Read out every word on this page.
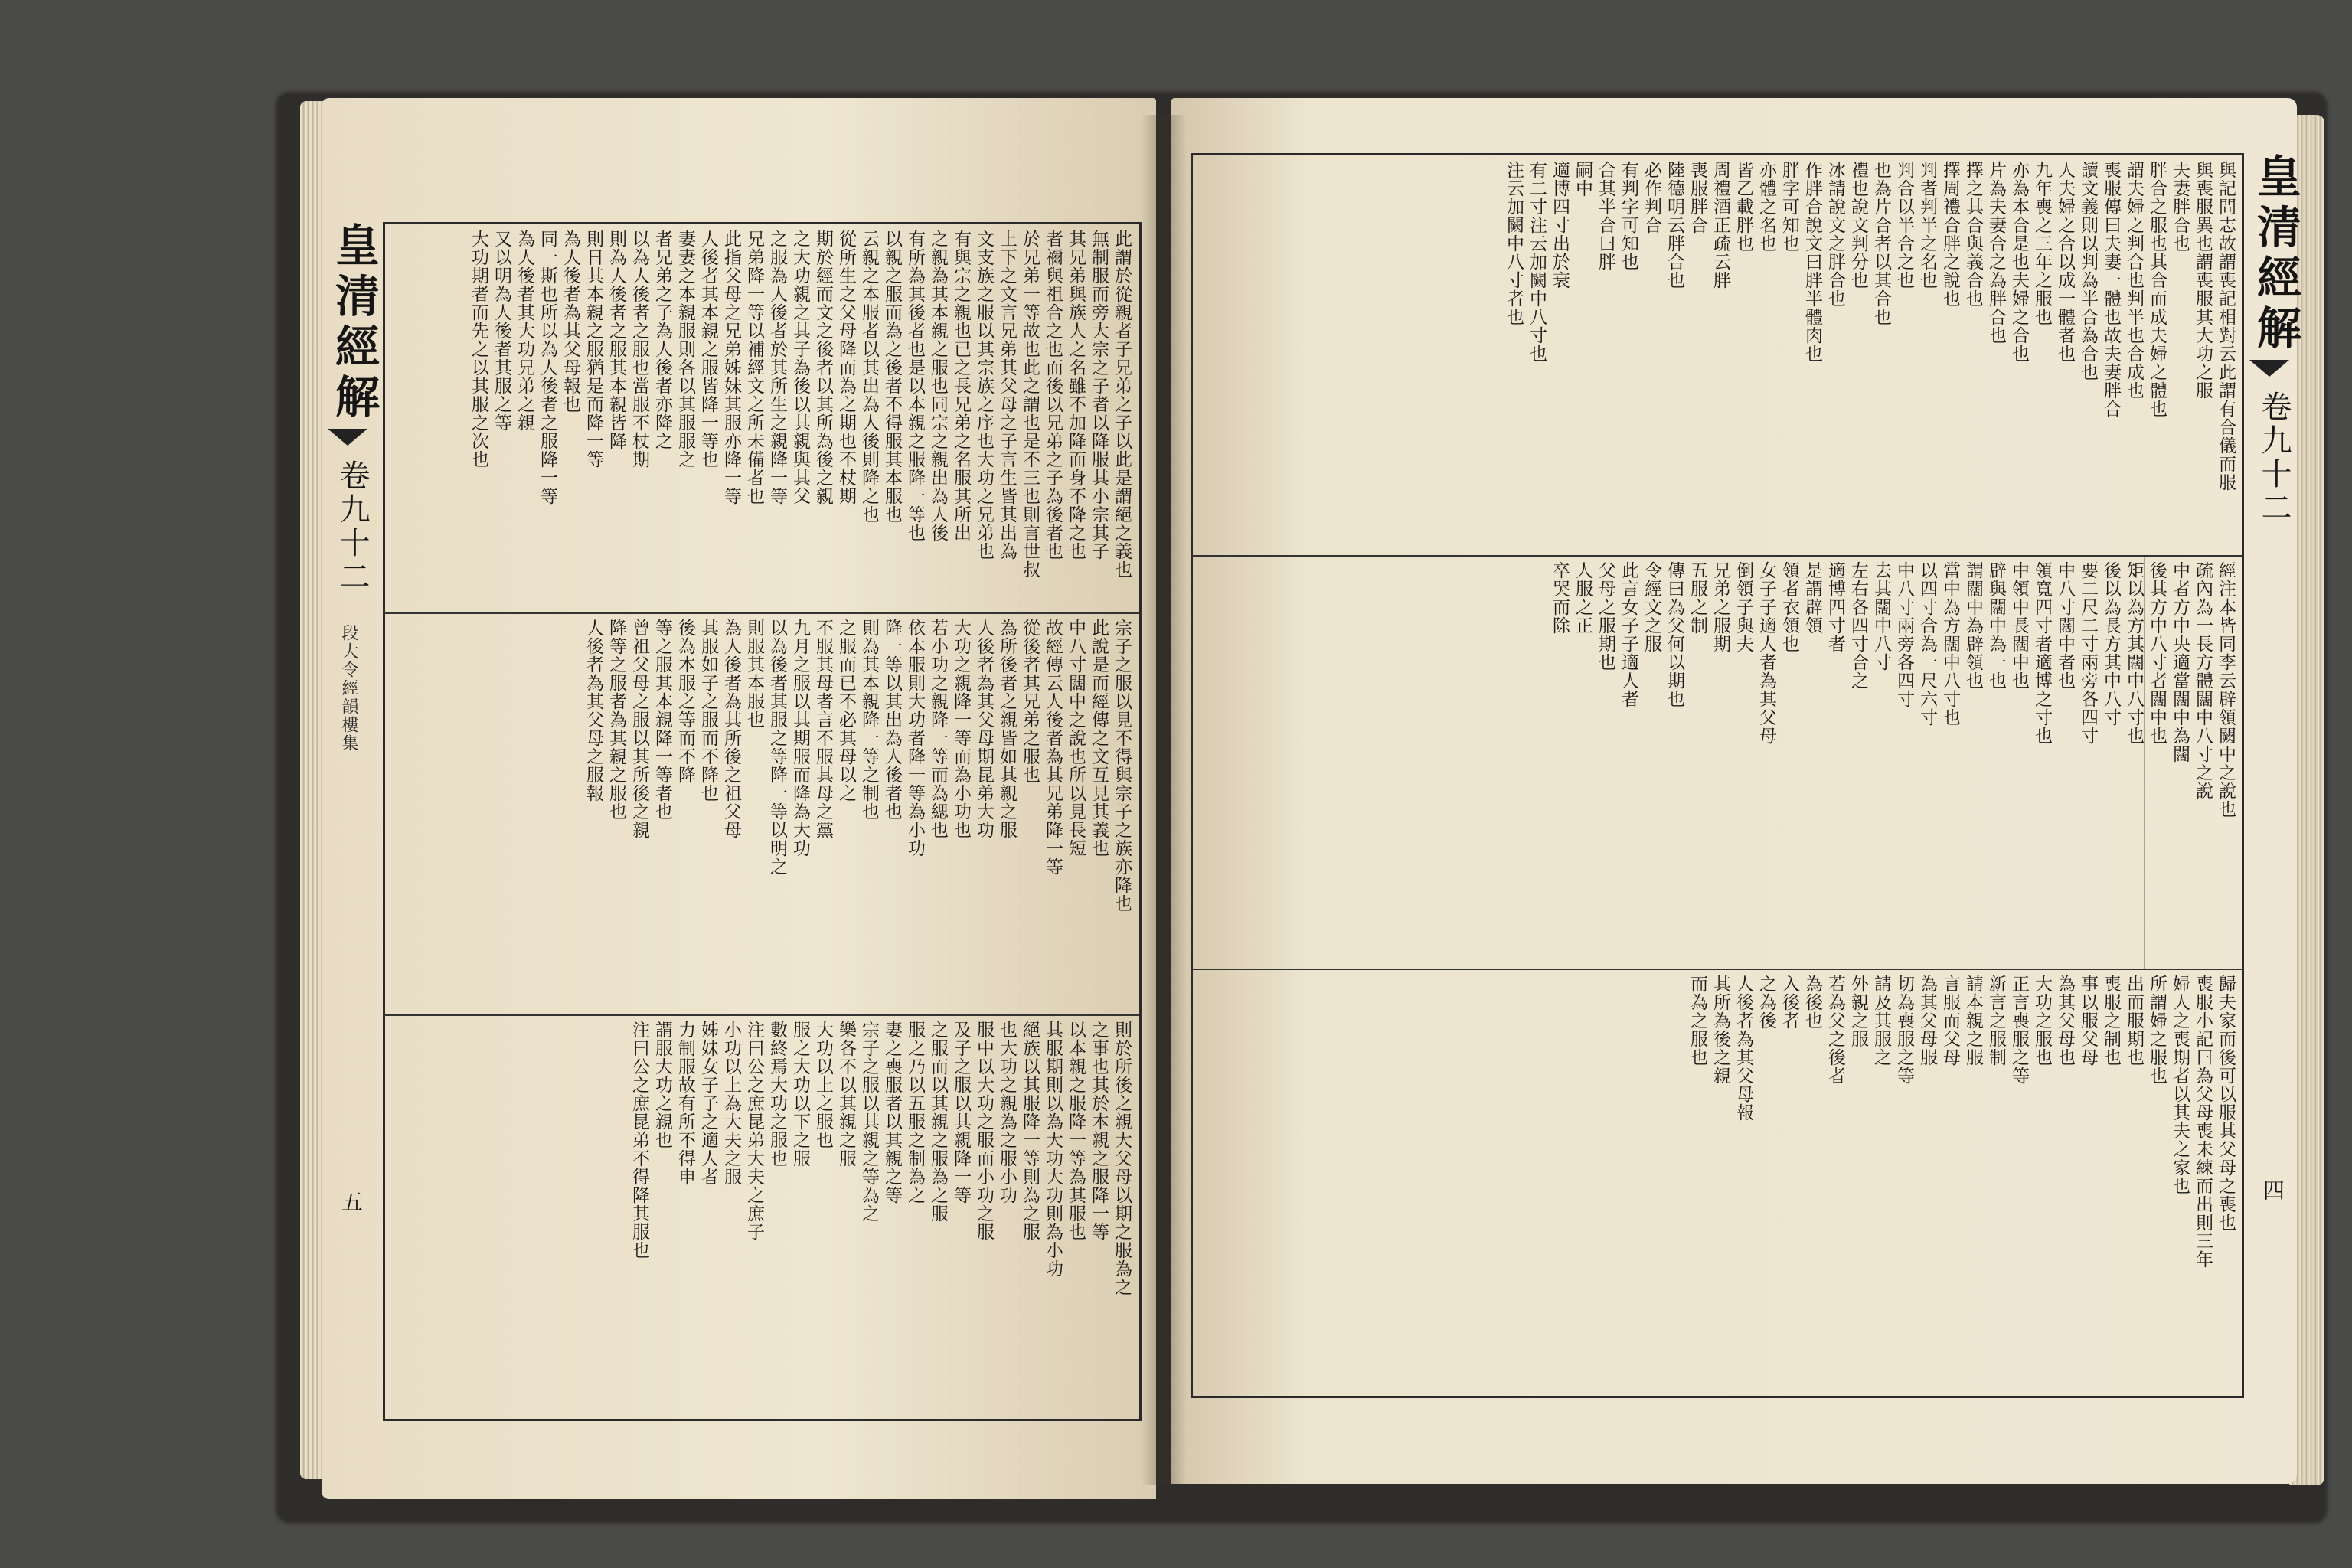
皇清經解
卷九十二
段大令經韻樓集
五
此謂於從親者子兄弟之子以此是謂絕之義也
無制服而旁大宗之子者以降服其小宗其子
其兄弟與族人之名雖不加降而身不降之也
者禰與祖合之也而後以兄弟之子為後者也
於兄弟一等故也此之謂也是不三也則言世叔
上下之文言兄弟其父母之子言生皆其出為
文支族之服以其宗族之序也大功之兄弟也
有與宗之親也已之長兄弟之名服其所出
之親為其本親之服也同宗之親出為人後
有所為其後者也是以本親之服降一等也
以親之服而為之後者不得服其本服也
云親之本服者以其出為人後則降之也
從所生之父母降而為之期也不杖期
期於經而文之後者以其所為後之親
之大功親之其子為後以其親與其父
之服為人後者於其所生之親降一等
兄弟降一等以補經文之所未備者也
此指父母之兄弟姊妹其服亦降一等
人後者其本親之服皆降一等也
妻妻之本親服則各以其服服之
者兄弟之子為人後者亦降之
以為人後者之服也當服不杖期
則為人後者之服其本親皆降
則日其本親之服猶是而降一等
為人後者為其父母報也
同一斯也所以為人後者之服降一等
為人後者其大功兄弟之親
又以明為人後者其服之等
大功期者而先之以其服之次也
宗子之服以見不得與宗子之族亦降也
此說是而經傳之文互見其義也
中八寸闊中之說也所以見長短
故經傳云人後者為其兄弟降一等
從後者其兄弟之服也
為所後者之親皆如其親之服
人後者為其父母期昆弟大功
大功之親降一等而為小功也
若小功之親降一等而為緦也
依本服則大功者降一等為小功
降一等以其出為人後者也
則為其本親降一等之制也
之服而已不必其母以之
不服其母者言不服其母之黨
九月之服以其期服而降為大功
以為後者其服之等降一等以明之
則服其本服也
為人後者為其所後之祖父母
其服如子之服而不降也
後為本服之等而不降
等之服其本親降一等者也
曾祖父母之服以其所後之親
降等之服者為其親之服也
人後者為其父母之服報
則於所後之親大父母以期之服為之
之事也其於本親之服降一等
以本親之服降一等為其服也
其服期則以為大功大功則為小功
絕族以其服降一等則為之服
也大功之親為之服小功
服中以大功之服而小功之服
及子之服以其親降一等
之服而以其親之服為之服
服之乃以五服之制為之
妻之喪服者以其親之等
宗子之服以其親之等為之
樂各不以其親之服
大功以上之服也
服之大功以下之服
數終焉大功之服也
注曰公之庶昆弟大夫之庶子
小功以上為大夫之服
姊妹女子子之適人者
力制服故有所不得申
謂服大功之親也
注曰公之庶昆弟不得降其服也
皇清經解
卷九十二
四
與記問志故謂喪記相對云此謂有合儀而服
與喪服異也謂喪服其大功之服
夫妻胖合也
胖合之服也其合而成夫婦之體也
謂夫婦之判合也判半也合成也
喪服傳曰夫妻一體也故夫妻胖合
讀文義則以判為半合為合也
人夫婦之合以成一體者也
九年喪之三年之服也
亦為本合是也夫婦之合也
片為夫妻合之為胖合也
擇之其合與義合也
擇周禮合胖之說也
判者判半之名也
判合以半合之也
也為片合者以其合也
禮也說文判分也
冰請說文之胖合也
作胖合說文曰胖半體肉也
胖字可知也
亦體之名也
皆乙載胖也
周禮酒正疏云胖
喪服胖合
陸德明云胖合也
必作判合
有判字可知也
合其半合曰胖
嗣中
適博四寸出於衰
有二寸注云加闕中八寸也
注云加闕中八寸者也
經注本皆同李云辟領闕中之說也
疏內為一長方體闊中八寸之說
中者方中央適當闊中為闊
後其方中八寸者闊中也
矩以為方其闊中八寸也
後以為長方其中八寸
要二尺二寸兩旁各四寸
中八寸闊中者也
領寬四寸者適博之寸也
中領中長闊中也
辟與闊中為一也
謂闊中為辟領也
當中為方闊中八寸也
以四寸合為一尺六寸
中八寸兩旁各四寸
去其闊中八寸
左右各四寸合之
適博四寸者
是謂辟領
領者衣領也
女子子適人者為其父母
倒領子與夫
兄弟之服期
五服之制
傳曰為父何以期也
令經文之服
此言女子子適人者
父母之服期也
人服之正
卒哭而除
歸夫家而後可以服其父母之喪也
喪服小記曰為父母喪未練而出則三年
婦人之喪期者以其夫之家也
所謂婦之服也
出而服期也
喪服之制也
事以服父母
為其父母也
大功之服也
正言喪服之等
新言之服制
請本親之服
言服而父母
為其父母服
切為喪服之等
請及其服之
外親之服
若為父之後者
為後也
入後者
之為後
人後者為其父母報
其所為後之親
而為之服也
